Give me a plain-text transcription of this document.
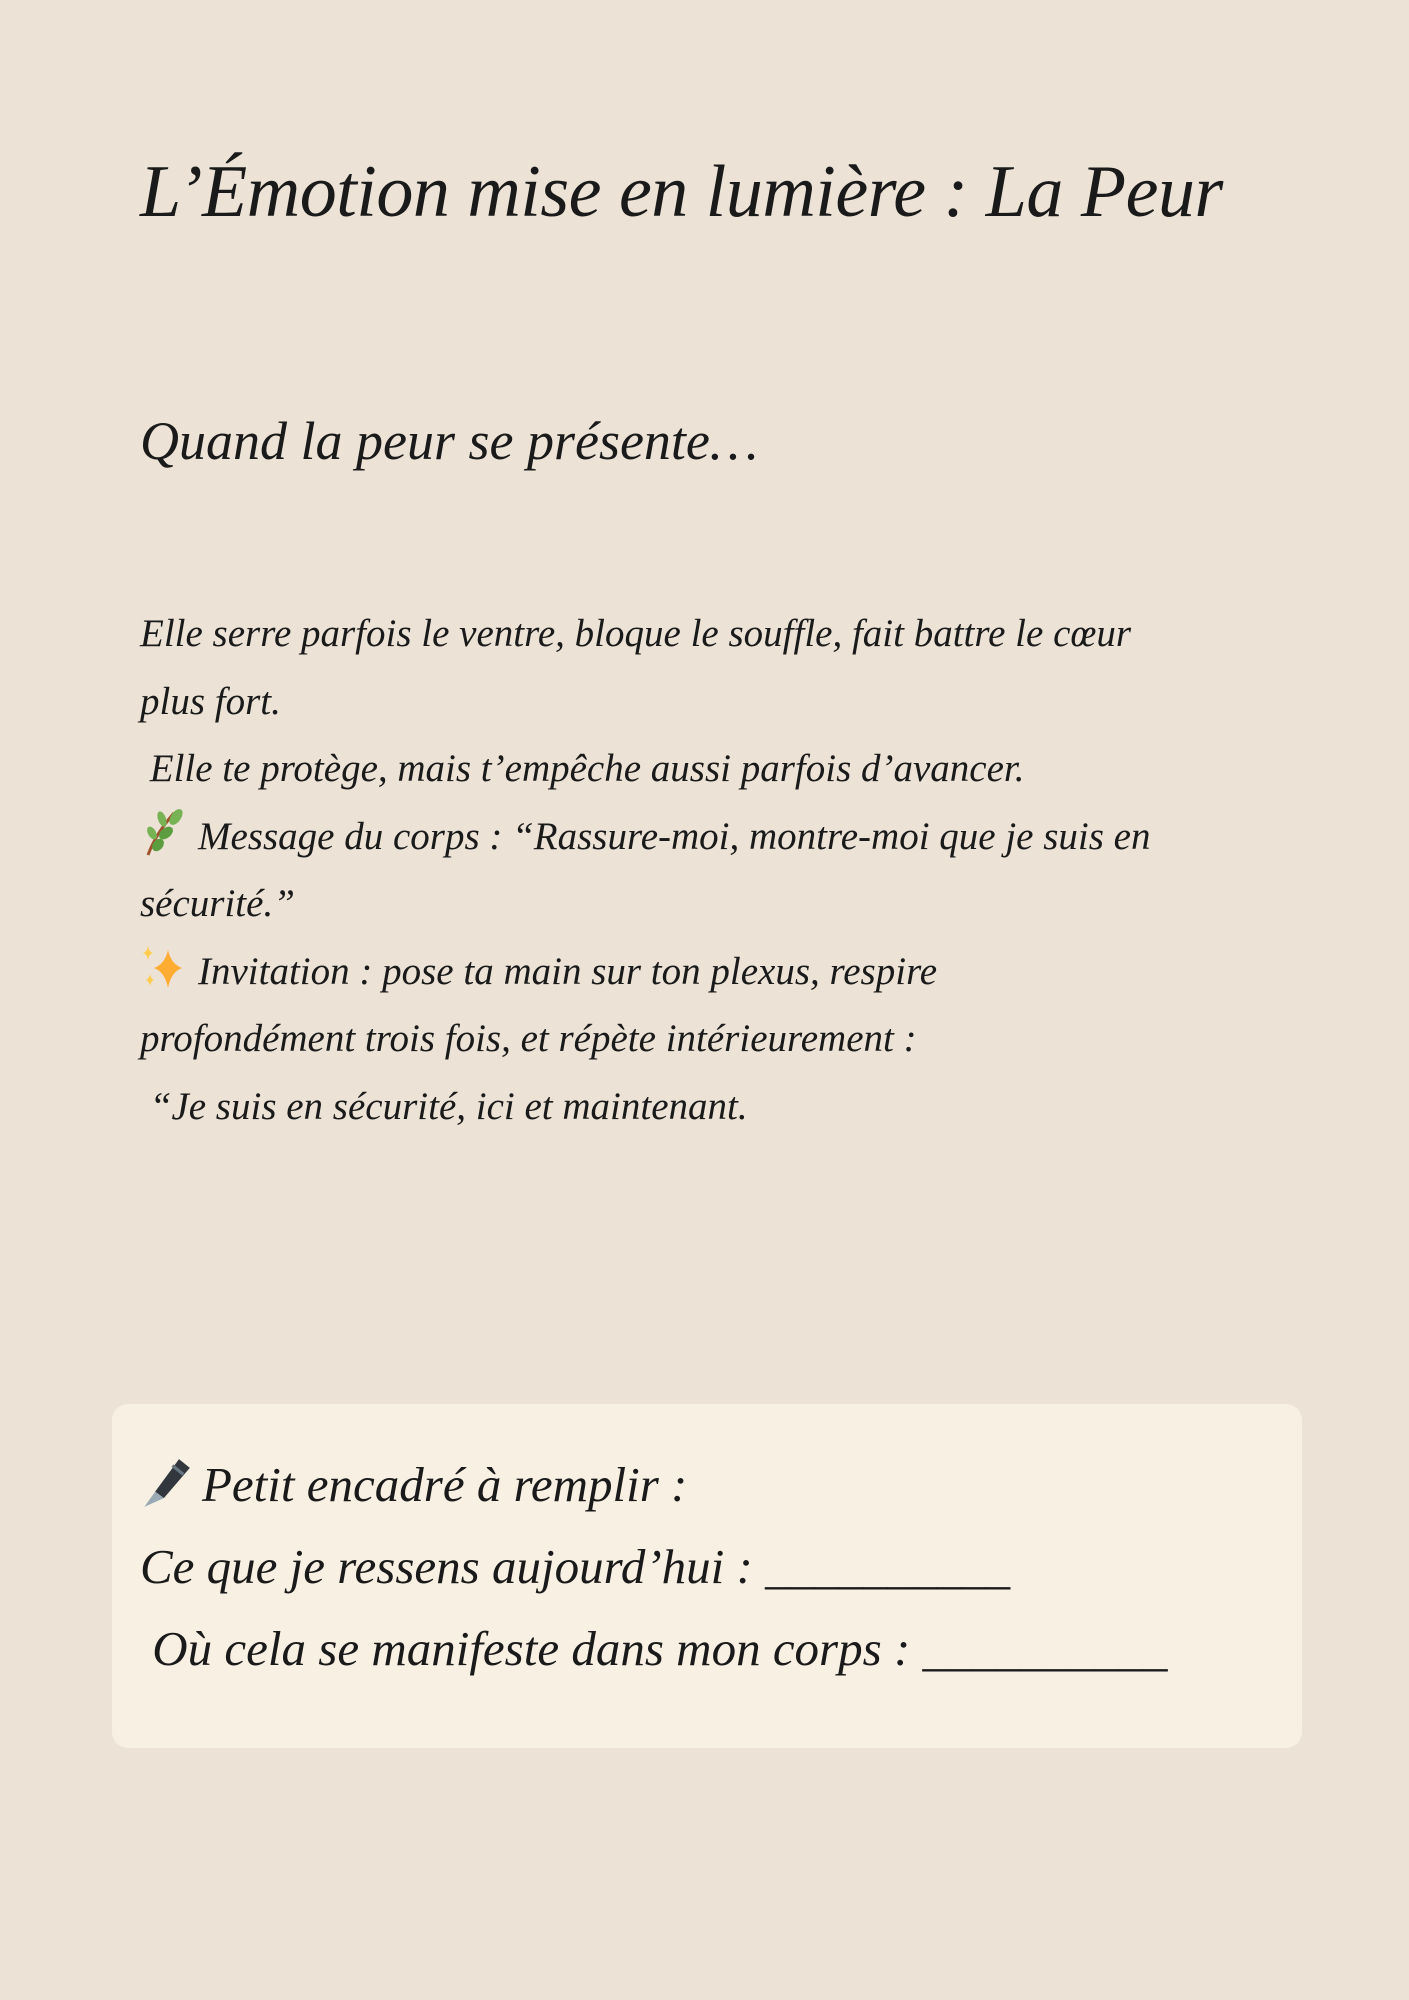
L’Émotion mise en lumière : La Peur
Quand la peur se présente…
Elle serre parfois le ventre, bloque le souffle, fait battre le cœur
plus fort.
Elle te protège, mais t’empêche aussi parfois d’avancer.
Message du corps : “Rassure-moi, montre-moi que je suis en
sécurité.”
Invitation : pose ta main sur ton plexus, respire
profondément trois fois, et répète intérieurement :
“Je suis en sécurité, ici et maintenant.
Petit encadré à remplir :
Ce que je ressens aujourd’hui : __________
Où cela se manifeste dans mon corps : __________
